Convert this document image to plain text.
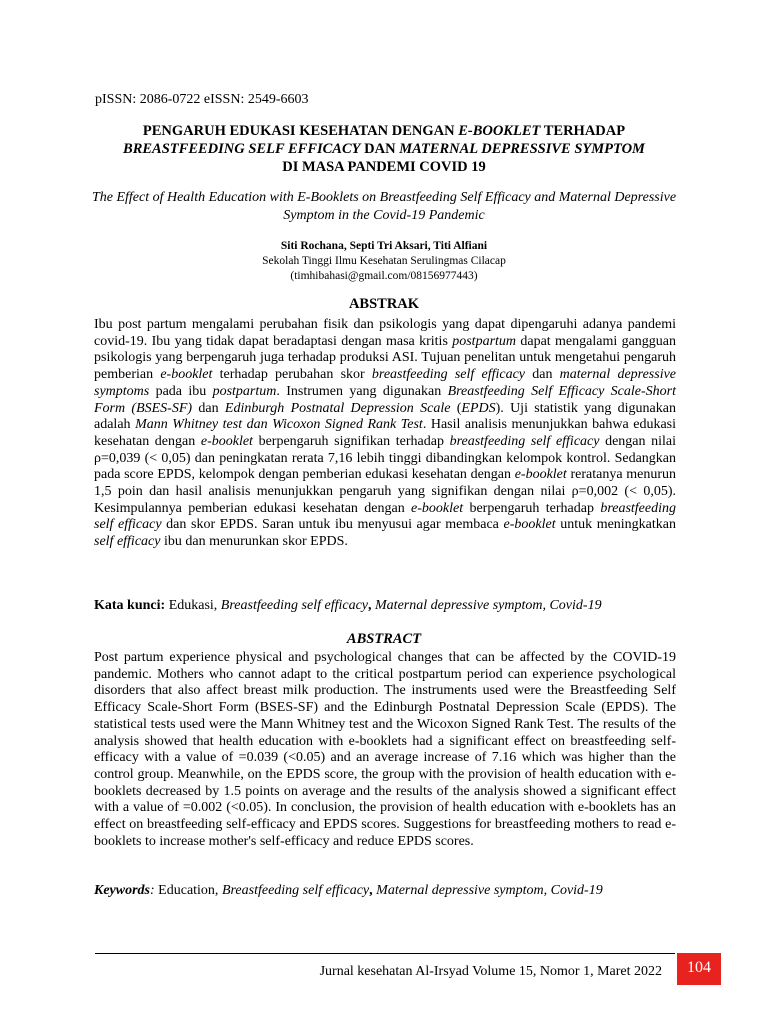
pISSN: 2086-0722 eISSN: 2549-6603
PENGARUH EDUKASI KESEHATAN DENGAN E-BOOKLET TERHADAP
BREASTFEEDING SELF EFFICACY DAN MATERNAL DEPRESSIVE SYMPTOM
DI MASA PANDEMI COVID 19
The Effect of Health Education with E-Booklets on Breastfeeding Self Efficacy and Maternal Depressive Symptom in the Covid-19 Pandemic
Siti Rochana, Septi Tri Aksari, Titi Alfiani
Sekolah Tinggi Ilmu Kesehatan Serulingmas Cilacap
(timhibahasi@gmail.com/08156977443)
ABSTRAK

Ibu post partum mengalami perubahan fisik dan psikologis yang dapat dipengaruhi adanya pandemi covid-19. Ibu yang tidak dapat beradaptasi dengan masa kritis postpartum dapat mengalami gangguan psikologis yang berpengaruh juga terhadap produksi ASI. Tujuan penelitan untuk mengetahui pengaruh pemberian e-booklet terhadap perubahan skor breastfeeding self efficacy dan maternal depressive symptoms pada ibu postpartum. Instrumen yang digunakan Breastfeeding Self Efficacy Scale-Short Form (BSES-SF) dan Edinburgh Postnatal Depression Scale (EPDS). Uji statistik yang digunakan adalah Mann Whitney test dan Wicoxon Signed Rank Test. Hasil analisis menunjukkan bahwa edukasi kesehatan dengan e-booklet berpengaruh signifikan terhadap breastfeeding self efficacy dengan nilai ρ=0,039 (< 0,05) dan peningkatan rerata 7,16 lebih tinggi dibandingkan kelompok kontrol. Sedangkan pada score EPDS, kelompok dengan pemberian edukasi kesehatan dengan e-booklet reratanya menurun 1,5 poin dan hasil analisis menunjukkan pengaruh yang signifikan dengan nilai ρ=0,002 (< 0,05). Kesimpulannya pemberian edukasi kesehatan dengan e-booklet berpengaruh terhadap breastfeeding self efficacy dan skor EPDS. Saran untuk ibu menyusui agar membaca e-booklet untuk meningkatkan self efficacy ibu dan menurunkan skor EPDS.

Kata kunci: Edukasi, Breastfeeding self efficacy, Maternal depressive symptom, Covid-19
ABSTRACT

Post partum experience physical and psychological changes that can be affected by the COVID-19 pandemic. Mothers who cannot adapt to the critical postpartum period can experience psychological disorders that also affect breast milk production. The instruments used were the Breastfeeding Self Efficacy Scale-Short Form (BSES-SF) and the Edinburgh Postnatal Depression Scale (EPDS). The statistical tests used were the Mann Whitney test and the Wicoxon Signed Rank Test. The results of the analysis showed that health education with e-booklets had a significant effect on breastfeeding self-efficacy with a value of =0.039 (<0.05) and an average increase of 7.16 which was higher than the control group. Meanwhile, on the EPDS score, the group with the provision of health education with e-booklets decreased by 1.5 points on average and the results of the analysis showed a significant effect with a value of =0.002 (<0.05). In conclusion, the provision of health education with e-booklets has an effect on breastfeeding self-efficacy and EPDS scores. Suggestions for breastfeeding mothers to read e-booklets to increase mother's self-efficacy and reduce EPDS scores.

Keywords: Education, Breastfeeding self efficacy, Maternal depressive symptom, Covid-19
Jurnal kesehatan Al-Irsyad Volume 15, Nomor 1, Maret 2022	104
